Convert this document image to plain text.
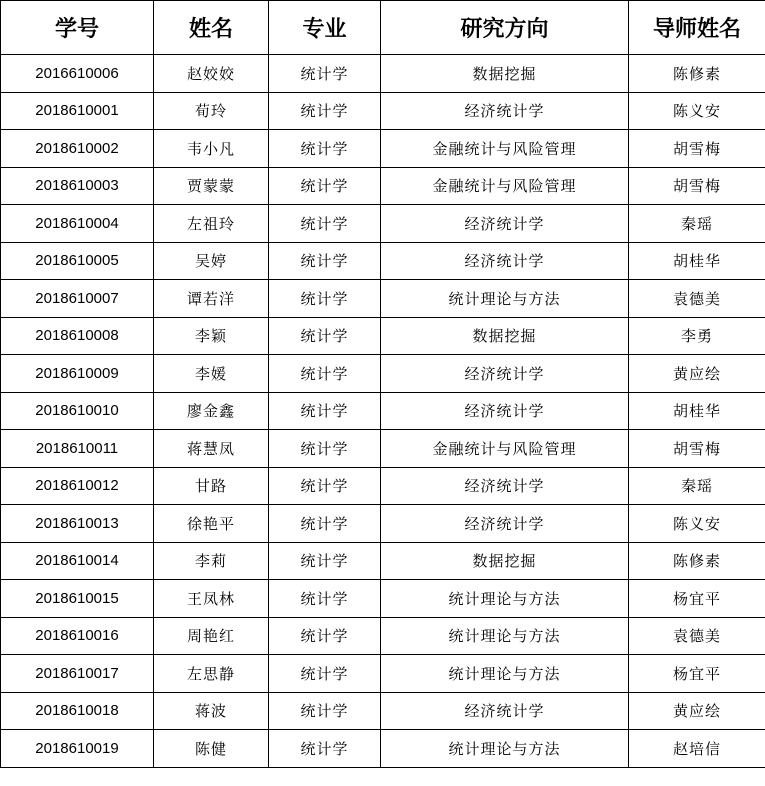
学号	姓名	专业	研究方向	导师姓名
2016610006	赵姣姣	统计学	数据挖掘	陈修素
2018610001	荀玲	统计学	经济统计学	陈义安
2018610002	韦小凡	统计学	金融统计与风险管理	胡雪梅
2018610003	贾蒙蒙	统计学	金融统计与风险管理	胡雪梅
2018610004	左祖玲	统计学	经济统计学	秦瑶
2018610005	吴婷	统计学	经济统计学	胡桂华
2018610007	谭若洋	统计学	统计理论与方法	袁德美
2018610008	李颖	统计学	数据挖掘	李勇
2018610009	李媛	统计学	经济统计学	黄应绘
2018610010	廖金鑫	统计学	经济统计学	胡桂华
2018610011	蒋慧凤	统计学	金融统计与风险管理	胡雪梅
2018610012	甘路	统计学	经济统计学	秦瑶
2018610013	徐艳平	统计学	经济统计学	陈义安
2018610014	李莉	统计学	数据挖掘	陈修素
2018610015	王凤林	统计学	统计理论与方法	杨宜平
2018610016	周艳红	统计学	统计理论与方法	袁德美
2018610017	左思静	统计学	统计理论与方法	杨宜平
2018610018	蒋波	统计学	经济统计学	黄应绘
2018610019	陈健	统计学	统计理论与方法	赵培信
